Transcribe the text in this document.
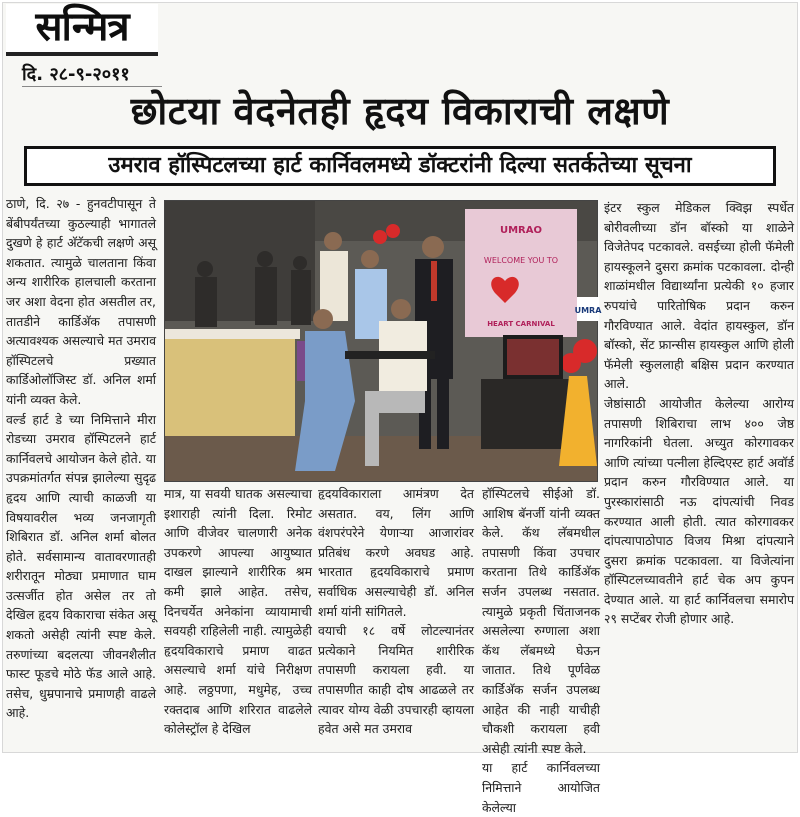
सन्मित्र
दि. २८-९-२०११
छोटया वेदनेतही हृदय विकाराची लक्षणे
उमराव हॉस्पिटलच्या हार्ट कार्निवलमध्ये डॉक्टरांनी दिल्या सतर्कतेच्या सूचना
ठाणे, दि. २७ - हुनवटीपासून ते बेंबीपर्यंतच्या कुठल्याही भागातले दुखणे हे हार्ट अ‍ॅटॅकची लक्षणे असू शकतात. त्यामुळे चालताना किंवा अन्य शारीरिक हालचाली करताना जर अशा वेदना होत असतील तर, तातडीने कार्डिअ‍ॅक तपासणी अत्यावश्यक असल्याचे मत उमराव हॉस्पिटलचे प्रख्यात कार्डिओलॉजिस्ट डॉ. अनिल शर्मा यांनी व्यक्त केले.
वर्ल्ड हार्ट डे च्या निमित्ताने मीरा रोडच्या उमराव हॉस्पिटलने हार्ट कार्निवलचे आयोजन केले होते. या उपक्रमांतर्गत संपन्न झालेल्या सुदृढ हृदय आणि त्याची काळजी या विषयावरील भव्य जनजागृती शिबिरात डॉ. अनिल शर्मा बोलत होते. सर्वसामान्य वातावरणातही शरीरातून मोठ्या प्रमाणात घाम उत्सर्जीत होत असेल तर तो देखिल हृदय विकाराचा संकेत असू शकतो असेही त्यांनी स्पष्ट केले. तरुणांच्या बदलत्या जीवनशैलीत फास्ट फूडचे मोठे फॅड आले आहे. तसेच, धुम्रपानाचे प्रमाणही वाढले आहे.
UMRAO
WELCOME YOU TO
HEART CARNIVAL
UMRA
मात्र, या सवयी घातक असल्याचा इशाराही त्यांनी दिला. रिमोट आणि वीजेवर चालणारी अनेक उपकरणे आपल्या आयुष्यात दाखल झाल्याने शारीरिक श्रम कमी झाले आहेत. तसेच, दिनचर्येत अनेकांना व्यायामाची सवयही राहिलेली नाही. त्यामुळेही हृदयविकाराचे प्रमाण वाढत असल्याचे शर्मा यांचे निरीक्षण आहे. लठ्ठपणा, मधुमेह, उच्च रक्तदाब आणि शरिरात वाढलेले कोलेस्ट्रॉल हे देखिल
हृदयविकाराला आमंत्रण देत असतात. वय, लिंग आणि वंशपरंपरेने येणाऱ्या आजारांवर प्रतिबंध करणे अवघड आहे. भारतात हृदयविकाराचे प्रमाण सर्वाधिक असल्याचेही डॉ. अनिल शर्मा यांनी सांगितले.
वयाची १८ वर्षे लोटल्यानंतर प्रत्येकाने नियमित शारीरिक तपासणी करायला हवी. या तपासणीत काही दोष आढळले तर त्यावर योग्य वेळी उपचारही व्हायला हवेत असे मत उमराव
हॉस्पिटलचे सीईओ डॉ. आशिष बॅनर्जी यांनी व्यक्त केले. कॅथ लॅबमधील तपासणी किंवा उपचार करताना तिथे कार्डिअ‍ॅक सर्जन उपलब्ध नसतात. त्यामुळे प्रकृती चिंताजनक असलेल्या रुग्णाला अशा कॅथ लॅबमध्ये घेऊन जातात. तिथे पूर्णवेळ कार्डिअ‍ॅक सर्जन उपलब्ध आहेत की नाही याचीही चौकशी करायला हवी असेही त्यांनी स्पष्ट केले.
या हार्ट कार्निवलच्या निमित्ताने आयोजित केलेल्या
इंटर स्कुल मेडिकल क्विझ स्पर्धेत बोरीवलीच्या डॉन बॉस्को या शाळेने विजेतेपद पटकावले. वसईच्या होली फॅमेली हायस्कूलने दुसरा क्रमांक पटकावला. दोन्ही शाळांमधील विद्यार्थ्यांना प्रत्येकी १० हजार रुपयांचे पारितोषिक प्रदान करुन गौरविण्यात आले. वेदांत हायस्कुल, डॉन बॉस्को, सेंट फ्रान्सीस हायस्कुल आणि होली फॅमेली स्कुललाही बक्षिस प्रदान करण्यात आले.
जेष्ठांसाठी आयोजीत केलेल्या आरोग्य तपासणी शिबिराचा लाभ ४०० जेष्ठ नागरिकांनी घेतला. अच्युत कोरगावकर आणि त्यांच्या पत्नीला हेल्दिएस्ट हार्ट अवॉर्ड प्रदान करुन गौरविण्यात आले. या पुरस्कारांसाठी नऊ दांपत्यांची निवड करण्यात आली होती. त्यात कोरगावकर दांपत्यापाठोपाठ विजय मिश्रा दांपत्याने दुसरा क्रमांक पटकावला. या विजेत्यांना हॉस्पिटलच्यावतीने हार्ट चेक अप कुपन देण्यात आले. या हार्ट कार्निवलचा समारोप २९ सप्टेंबर रोजी होणार आहे.
